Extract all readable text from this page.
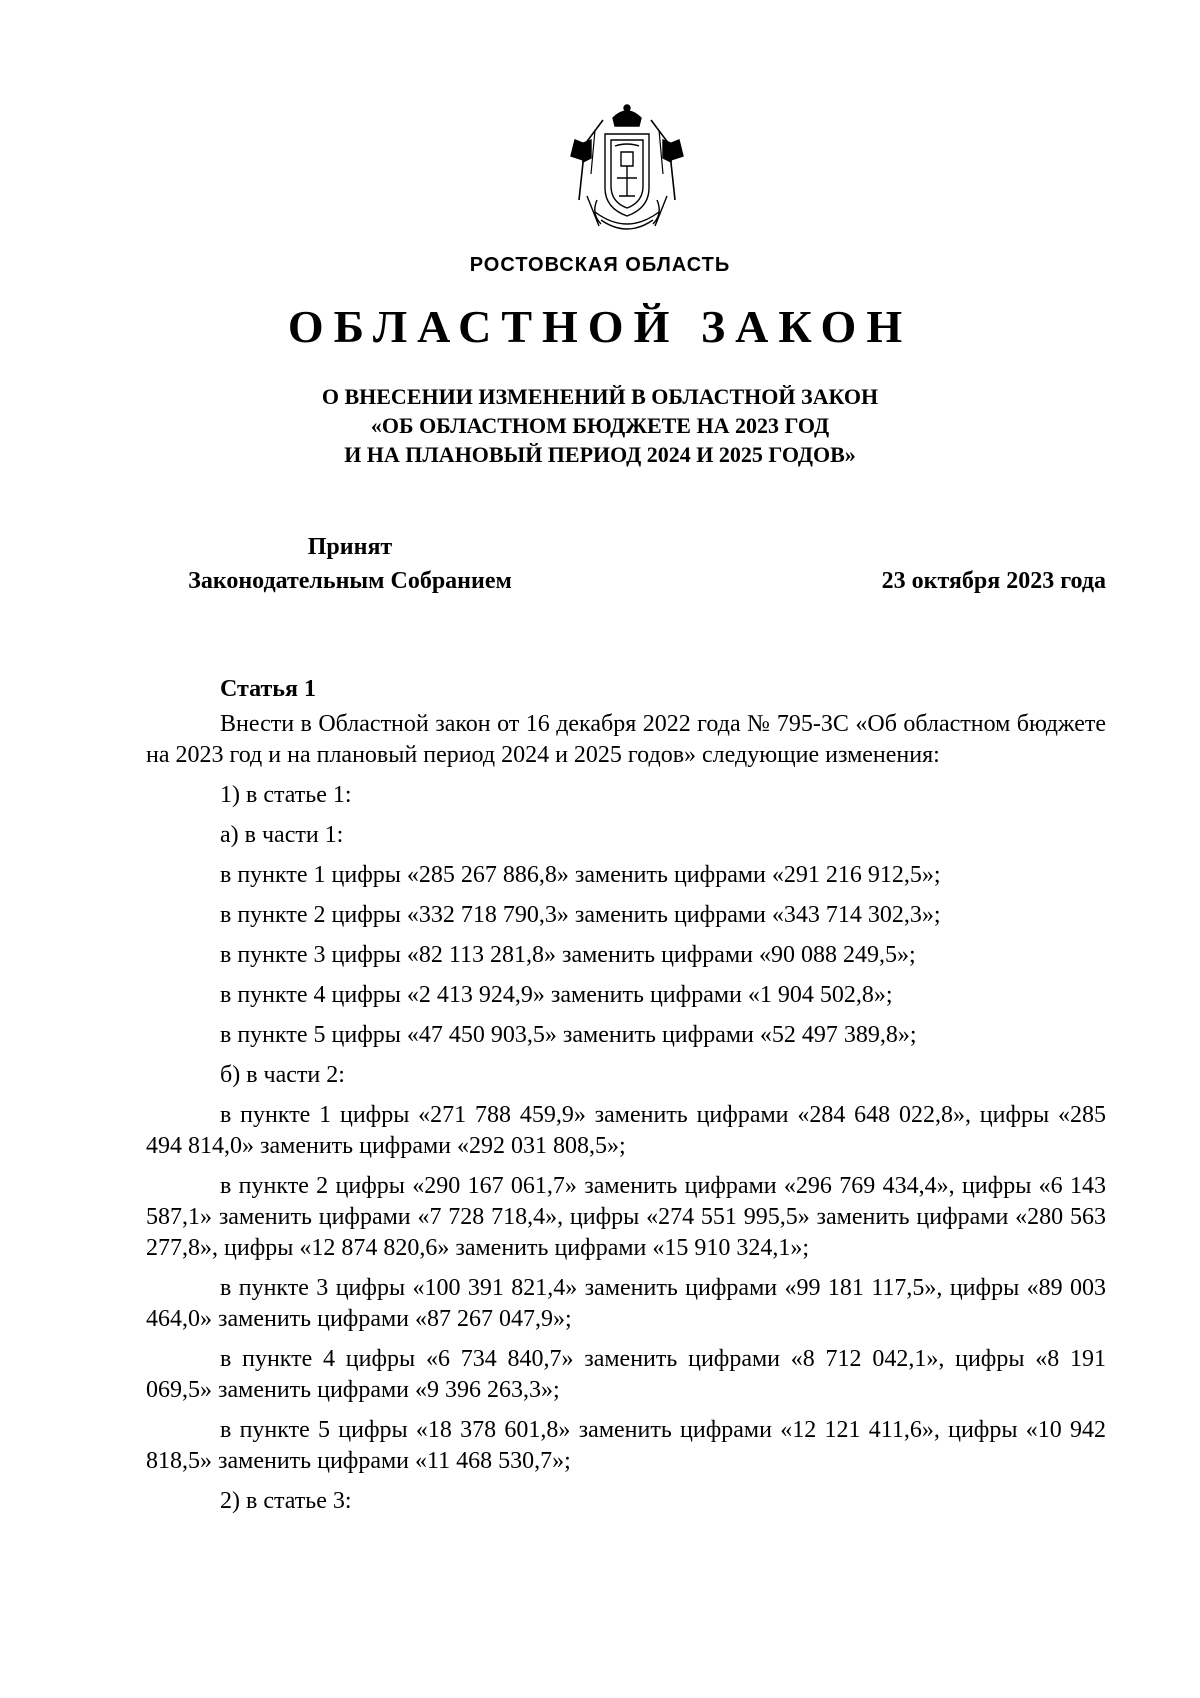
РОСТОВСКАЯ ОБЛАСТЬ
ОБЛАСТНОЙ ЗАКОН
О ВНЕСЕНИИ ИЗМЕНЕНИЙ В ОБЛАСТНОЙ ЗАКОН
«ОБ ОБЛАСТНОМ БЮДЖЕТЕ НА 2023 ГОД
И НА ПЛАНОВЫЙ ПЕРИОД 2024 И 2025 ГОДОВ»
Принят
Законодательным Собранием	23 октября 2023 года
Статья 1

Внести в Областной закон от 16 декабря 2022 года № 795-ЗС «Об областном бюджете на 2023 год и на плановый период 2024 и 2025 годов» следующие изменения:

1) в статье 1:

а) в части 1:

в пункте 1 цифры «285 267 886,8» заменить цифрами «291 216 912,5»;

в пункте 2 цифры «332 718 790,3» заменить цифрами «343 714 302,3»;

в пункте 3 цифры «82 113 281,8» заменить цифрами «90 088 249,5»;

в пункте 4 цифры «2 413 924,9» заменить цифрами «1 904 502,8»;

в пункте 5 цифры «47 450 903,5» заменить цифрами «52 497 389,8»;

б) в части 2:

в пункте 1 цифры «271 788 459,9» заменить цифрами «284 648 022,8», цифры «285 494 814,0» заменить цифрами «292 031 808,5»;

в пункте 2 цифры «290 167 061,7» заменить цифрами «296 769 434,4», цифры «6 143 587,1» заменить цифрами «7 728 718,4», цифры «274 551 995,5» заменить цифрами «280 563 277,8», цифры «12 874 820,6» заменить цифрами «15 910 324,1»;

в пункте 3 цифры «100 391 821,4» заменить цифрами «99 181 117,5», цифры «89 003 464,0» заменить цифрами «87 267 047,9»;

в пункте 4 цифры «6 734 840,7» заменить цифрами «8 712 042,1», цифры «8 191 069,5» заменить цифрами «9 396 263,3»;

в пункте 5 цифры «18 378 601,8» заменить цифрами «12 121 411,6», цифры «10 942 818,5» заменить цифрами «11 468 530,7»;

2) в статье 3:
